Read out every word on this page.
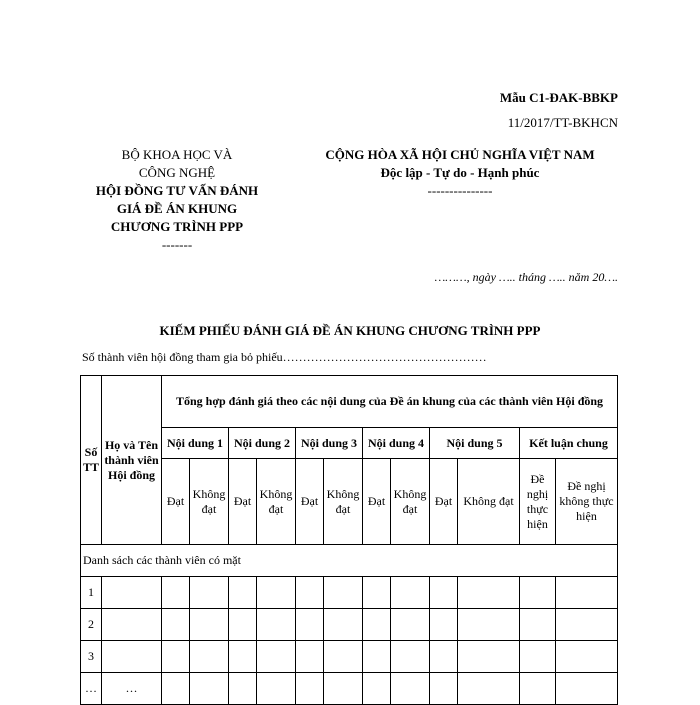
Mẫu C1-ĐAK-BBKP
11/2017/TT-BKHCN
BỘ KHOA HỌC VÀ
CÔNG NGHỆ
HỘI ĐỒNG TƯ VẤN ĐÁNH
GIÁ ĐỀ ÁN KHUNG
CHƯƠNG TRÌNH PPP
-------
CỘNG HÒA XÃ HỘI CHỦ NGHĨA VIỆT NAM
Độc lập - Tự do - Hạnh phúc
---------------
………, ngày ….. tháng ….. năm 20….
KIẾM PHIẾU ĐÁNH GIÁ ĐỀ ÁN KHUNG CHƯƠNG TRÌNH PPP
Số thành viên hội đồng tham gia bỏ phiếu……………………………………………
Số TT	Họ và Tên thành viên Hội đồng	Tổng hợp đánh giá theo các nội dung của Đề án khung của các thành viên Hội đồng											
		Nội dung 1		Nội dung 2		Nội dung 3		Nội dung 4		Nội dung 5		Kết luận chung	
		Đạt	Không đạt	Đạt	Không đạt	Đạt	Không đạt	Đạt	Không đạt	Đạt	Không đạt	Đề nghị thực hiện	Đề nghị không thực hiện
Danh sách các thành viên có mặt													
1													
2													
3													
…	…												
